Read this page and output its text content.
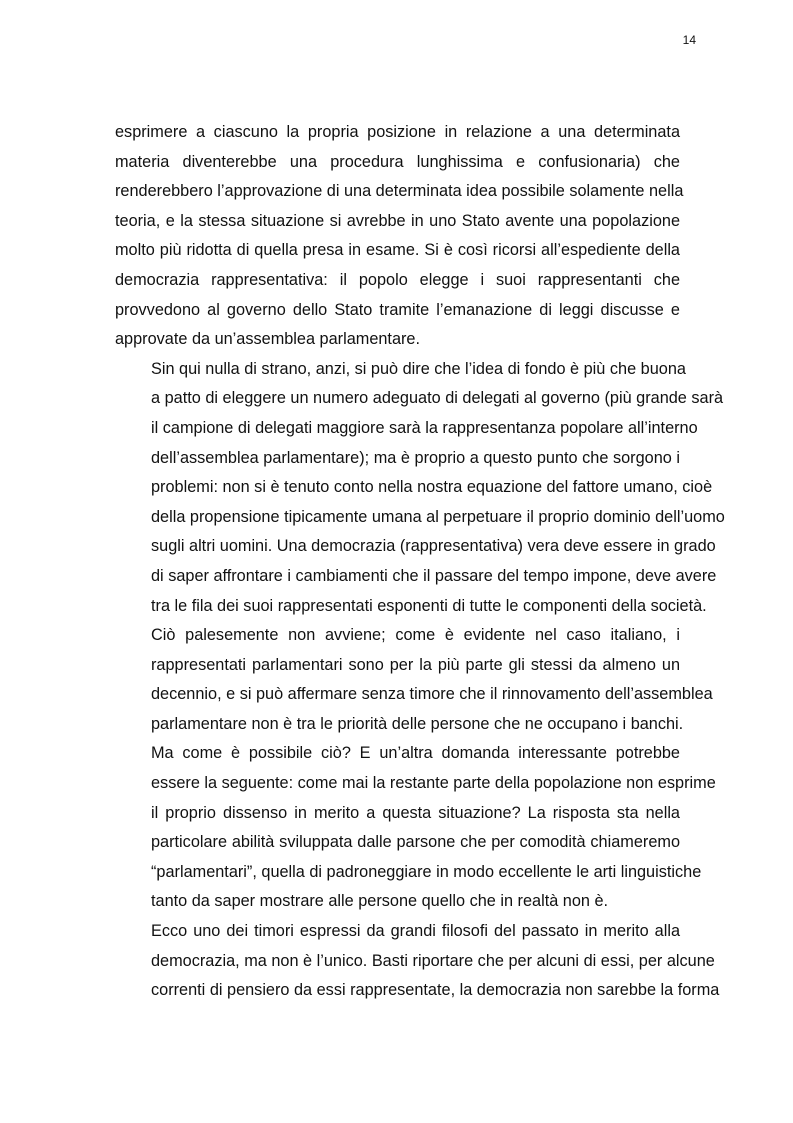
14

esprimere a ciascuno la propria posizione in relazione a una determinata
materia diventerebbe una procedura lunghissima e confusionaria) che
renderebbero l’approvazione di una determinata idea possibile solamente nella
teoria, e la stessa situazione si avrebbe in uno Stato avente una popolazione
molto più ridotta di quella presa in esame. Si è così ricorsi all’espediente della
democrazia rappresentativa: il popolo elegge i suoi rappresentanti che
provvedono al governo dello Stato tramite l’emanazione di leggi discusse e
approvate da un’assemblea parlamentare.

Sin qui nulla di strano, anzi, si può dire che l’idea di fondo è più che buona
a patto di eleggere un numero adeguato di delegati al governo (più grande sarà
il campione di delegati maggiore sarà la rappresentanza popolare all’interno
dell’assemblea parlamentare); ma è proprio a questo punto che sorgono i
problemi: non si è tenuto conto nella nostra equazione del fattore umano, cioè
della propensione tipicamente umana al perpetuare il proprio dominio dell’uomo
sugli altri uomini. Una democrazia (rappresentativa) vera deve essere in grado
di saper affrontare i cambiamenti che il passare del tempo impone, deve avere
tra le fila dei suoi rappresentati esponenti di tutte le componenti della società.
Ciò palesemente non avviene; come è evidente nel caso italiano, i
rappresentati parlamentari sono per la più parte gli stessi da almeno un
decennio, e si può affermare senza timore che il rinnovamento dell’assemblea
parlamentare non è tra le priorità delle persone che ne occupano i banchi.

Ma come è possibile ciò? E un’altra domanda interessante potrebbe
essere la seguente: come mai la restante parte della popolazione non esprime
il proprio dissenso in merito a questa situazione? La risposta sta nella
particolare abilità sviluppata dalle parsone che per comodità chiameremo
“parlamentari”, quella di padroneggiare in modo eccellente le arti linguistiche
tanto da saper mostrare alle persone quello che in realtà non è.

Ecco uno dei timori espressi da grandi filosofi del passato in merito alla
democrazia, ma non è l’unico. Basti riportare che per alcuni di essi, per alcune
correnti di pensiero da essi rappresentate, la democrazia non sarebbe la forma
